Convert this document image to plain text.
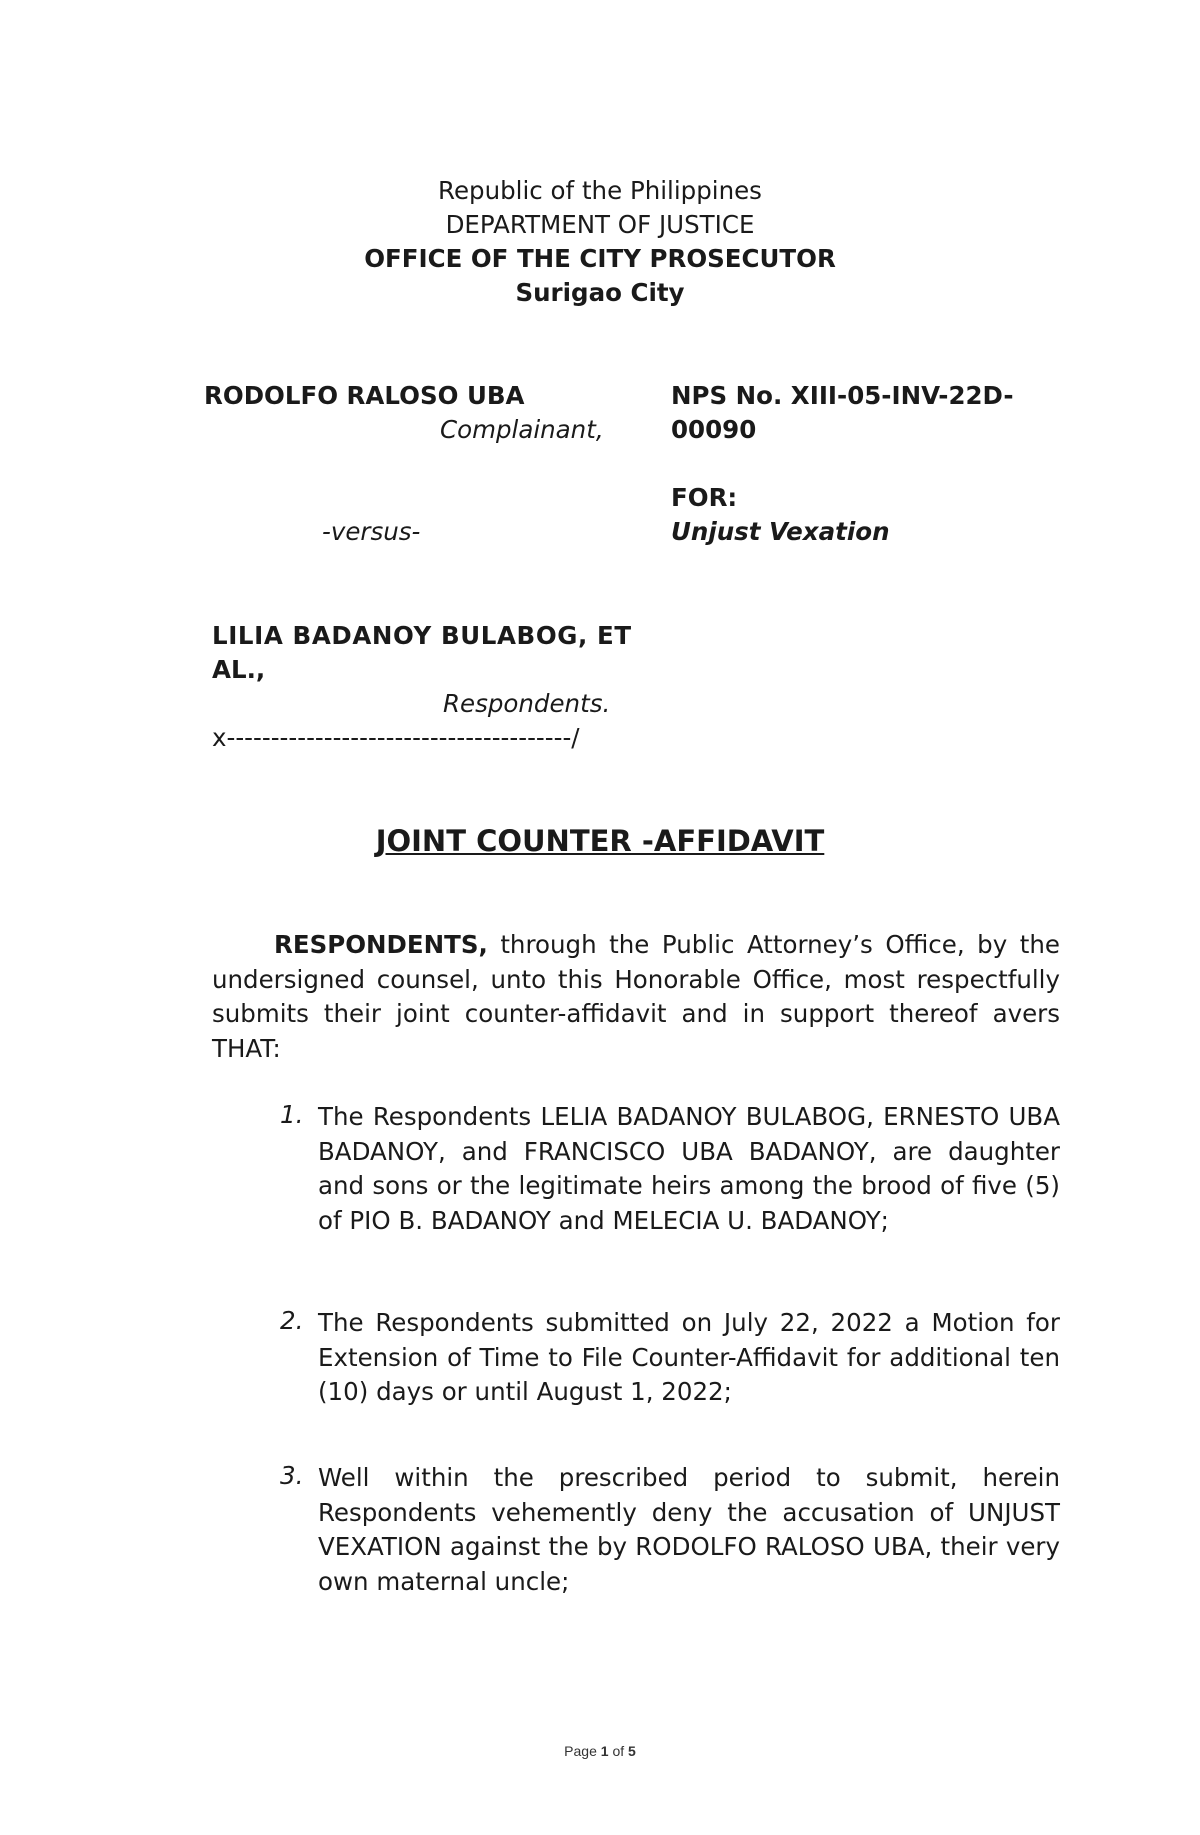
Republic of the Philippines
DEPARTMENT OF JUSTICE
OFFICE OF THE CITY PROSECUTOR
Surigao City
RODOLFO RALOSO UBA
Complainant,
-versus-
LILIA BADANOY BULABOG, ET
AL.,
Respondents.
x---------------------------------------/
NPS No. XIII-05-INV-22D-
00090
FOR:
Unjust Vexation
JOINT COUNTER -AFFIDAVIT
RESPONDENTS, through the Public Attorney’s Office, by the undersigned counsel, unto this Honorable Office, most respectfully submits their joint counter-affidavit and in support thereof avers THAT:
1. The Respondents LELIA BADANOY BULABOG, ERNESTO UBA BADANOY, and FRANCISCO UBA BADANOY, are daughter and sons or the legitimate heirs among the brood of five (5) of PIO B. BADANOY and MELECIA U. BADANOY;
2. The Respondents submitted on July 22, 2022 a Motion for Extension of Time to File Counter-Affidavit for additional ten (10) days or until August 1, 2022;
3. Well within the prescribed period to submit, herein Respondents vehemently deny the accusation of UNJUST VEXATION against the by RODOLFO RALOSO UBA, their very own maternal uncle;
Page 1 of 5
